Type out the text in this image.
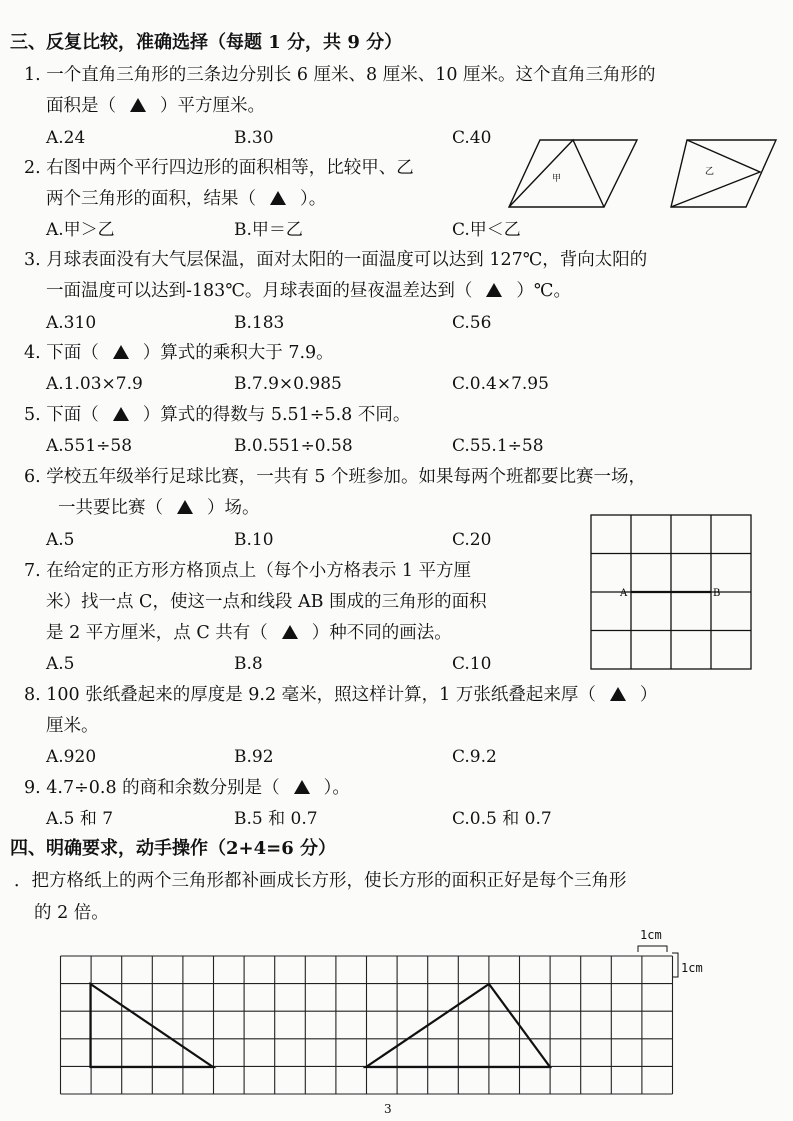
三、反复比较，准确选择（每题 1 分，共 9 分）
1. 一个直角三角形的三条边分别长 6 厘米、8 厘米、10 厘米。这个直角三角形的
面积是（	）平方厘米。
A.24	B.30	C.40
2. 右图中两个平行四边形的面积相等，比较甲、乙
两个三角形的面积，结果（	）。
A.甲＞乙	B.甲＝乙	C.甲＜乙
甲
乙
3. 月球表面没有大气层保温，面对太阳的一面温度可以达到 127℃，背向太阳的
一面温度可以达到-183℃。月球表面的昼夜温差达到（	）℃。
A.310	B.183	C.56
4. 下面（	）算式的乘积大于 7.9。
A.1.03×7.9	B.7.9×0.985	C.0.4×7.95
5. 下面（	）算式的得数与 5.51÷5.8 不同。
A.551÷58	B.0.551÷0.58	C.55.1÷58
6. 学校五年级举行足球比赛，一共有 5 个班参加。如果每两个班都要比赛一场，
一共要比赛（	）场。
A.5	B.10	C.20
7. 在给定的正方形方格顶点上（每个小方格表示 1 平方厘
米）找一点 C，使这一点和线段 AB 围成的三角形的面积
是 2 平方厘米，点 C 共有（	）种不同的画法。
A.5	B.8	C.10
A	B
8. 100 张纸叠起来的厚度是 9.2 毫米，照这样计算，1 万张纸叠起来厚（	）
厘米。
A.920	B.92	C.9.2
9. 4.7÷0.8 的商和余数分别是（	）。
A.5 和 7	B.5 和 0.7	C.0.5 和 0.7
四、明确要求，动手操作（2+4=6 分）
．把方格纸上的两个三角形都补画成长方形，使长方形的面积正好是每个三角形
的 2 倍。
1cm
1cm
3
